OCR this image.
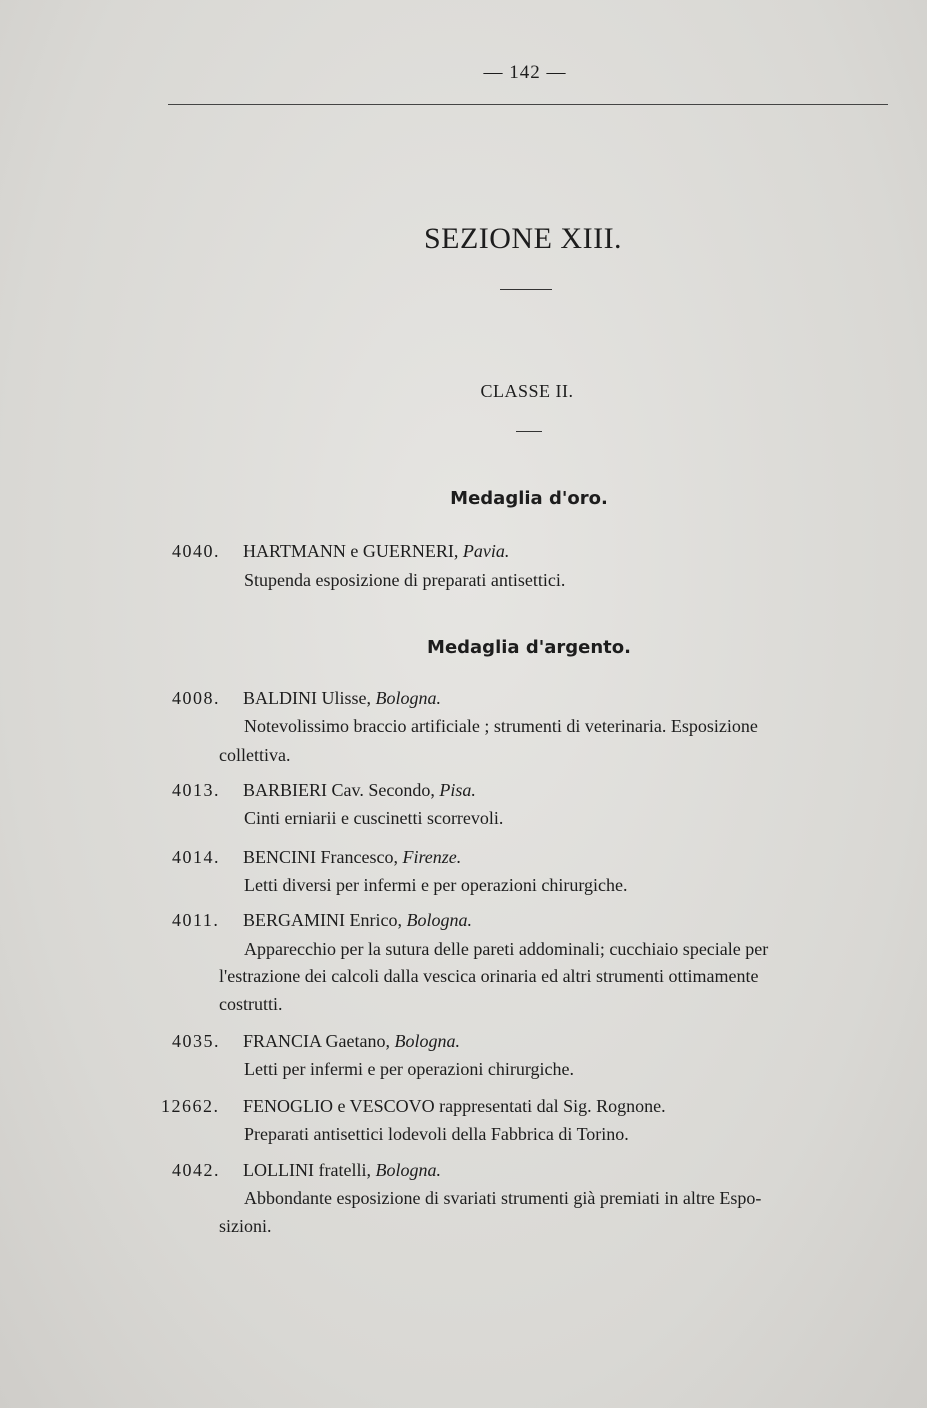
— 142 —
SEZIONE XIII.
CLASSE II.
Medaglia d'oro.
4040. HARTMANN e GUERNERI, Pavia.
Stupenda esposizione di preparati antisettici.
Medaglia d'argento.
4008. BALDINI Ulisse, Bologna.
Notevolissimo braccio artificiale ; strumenti di veterinaria. Esposizione
collettiva.
4013. BARBIERI Cav. Secondo, Pisa.
Cinti erniarii e cuscinetti scorrevoli.
4014. BENCINI Francesco, Firenze.
Letti diversi per infermi e per operazioni chirurgiche.
4011. BERGAMINI Enrico, Bologna.
Apparecchio per la sutura delle pareti addominali; cucchiaio speciale per
l'estrazione dei calcoli dalla vescica orinaria ed altri strumenti ottimamente
costrutti.
4035. FRANCIA Gaetano, Bologna.
Letti per infermi e per operazioni chirurgiche.
12662. FENOGLIO e VESCOVO rappresentati dal Sig. Rognone.
Preparati antisettici lodevoli della Fabbrica di Torino.
4042. LOLLINI fratelli, Bologna.
Abbondante esposizione di svariati strumenti già premiati in altre Espo-
sizioni.
